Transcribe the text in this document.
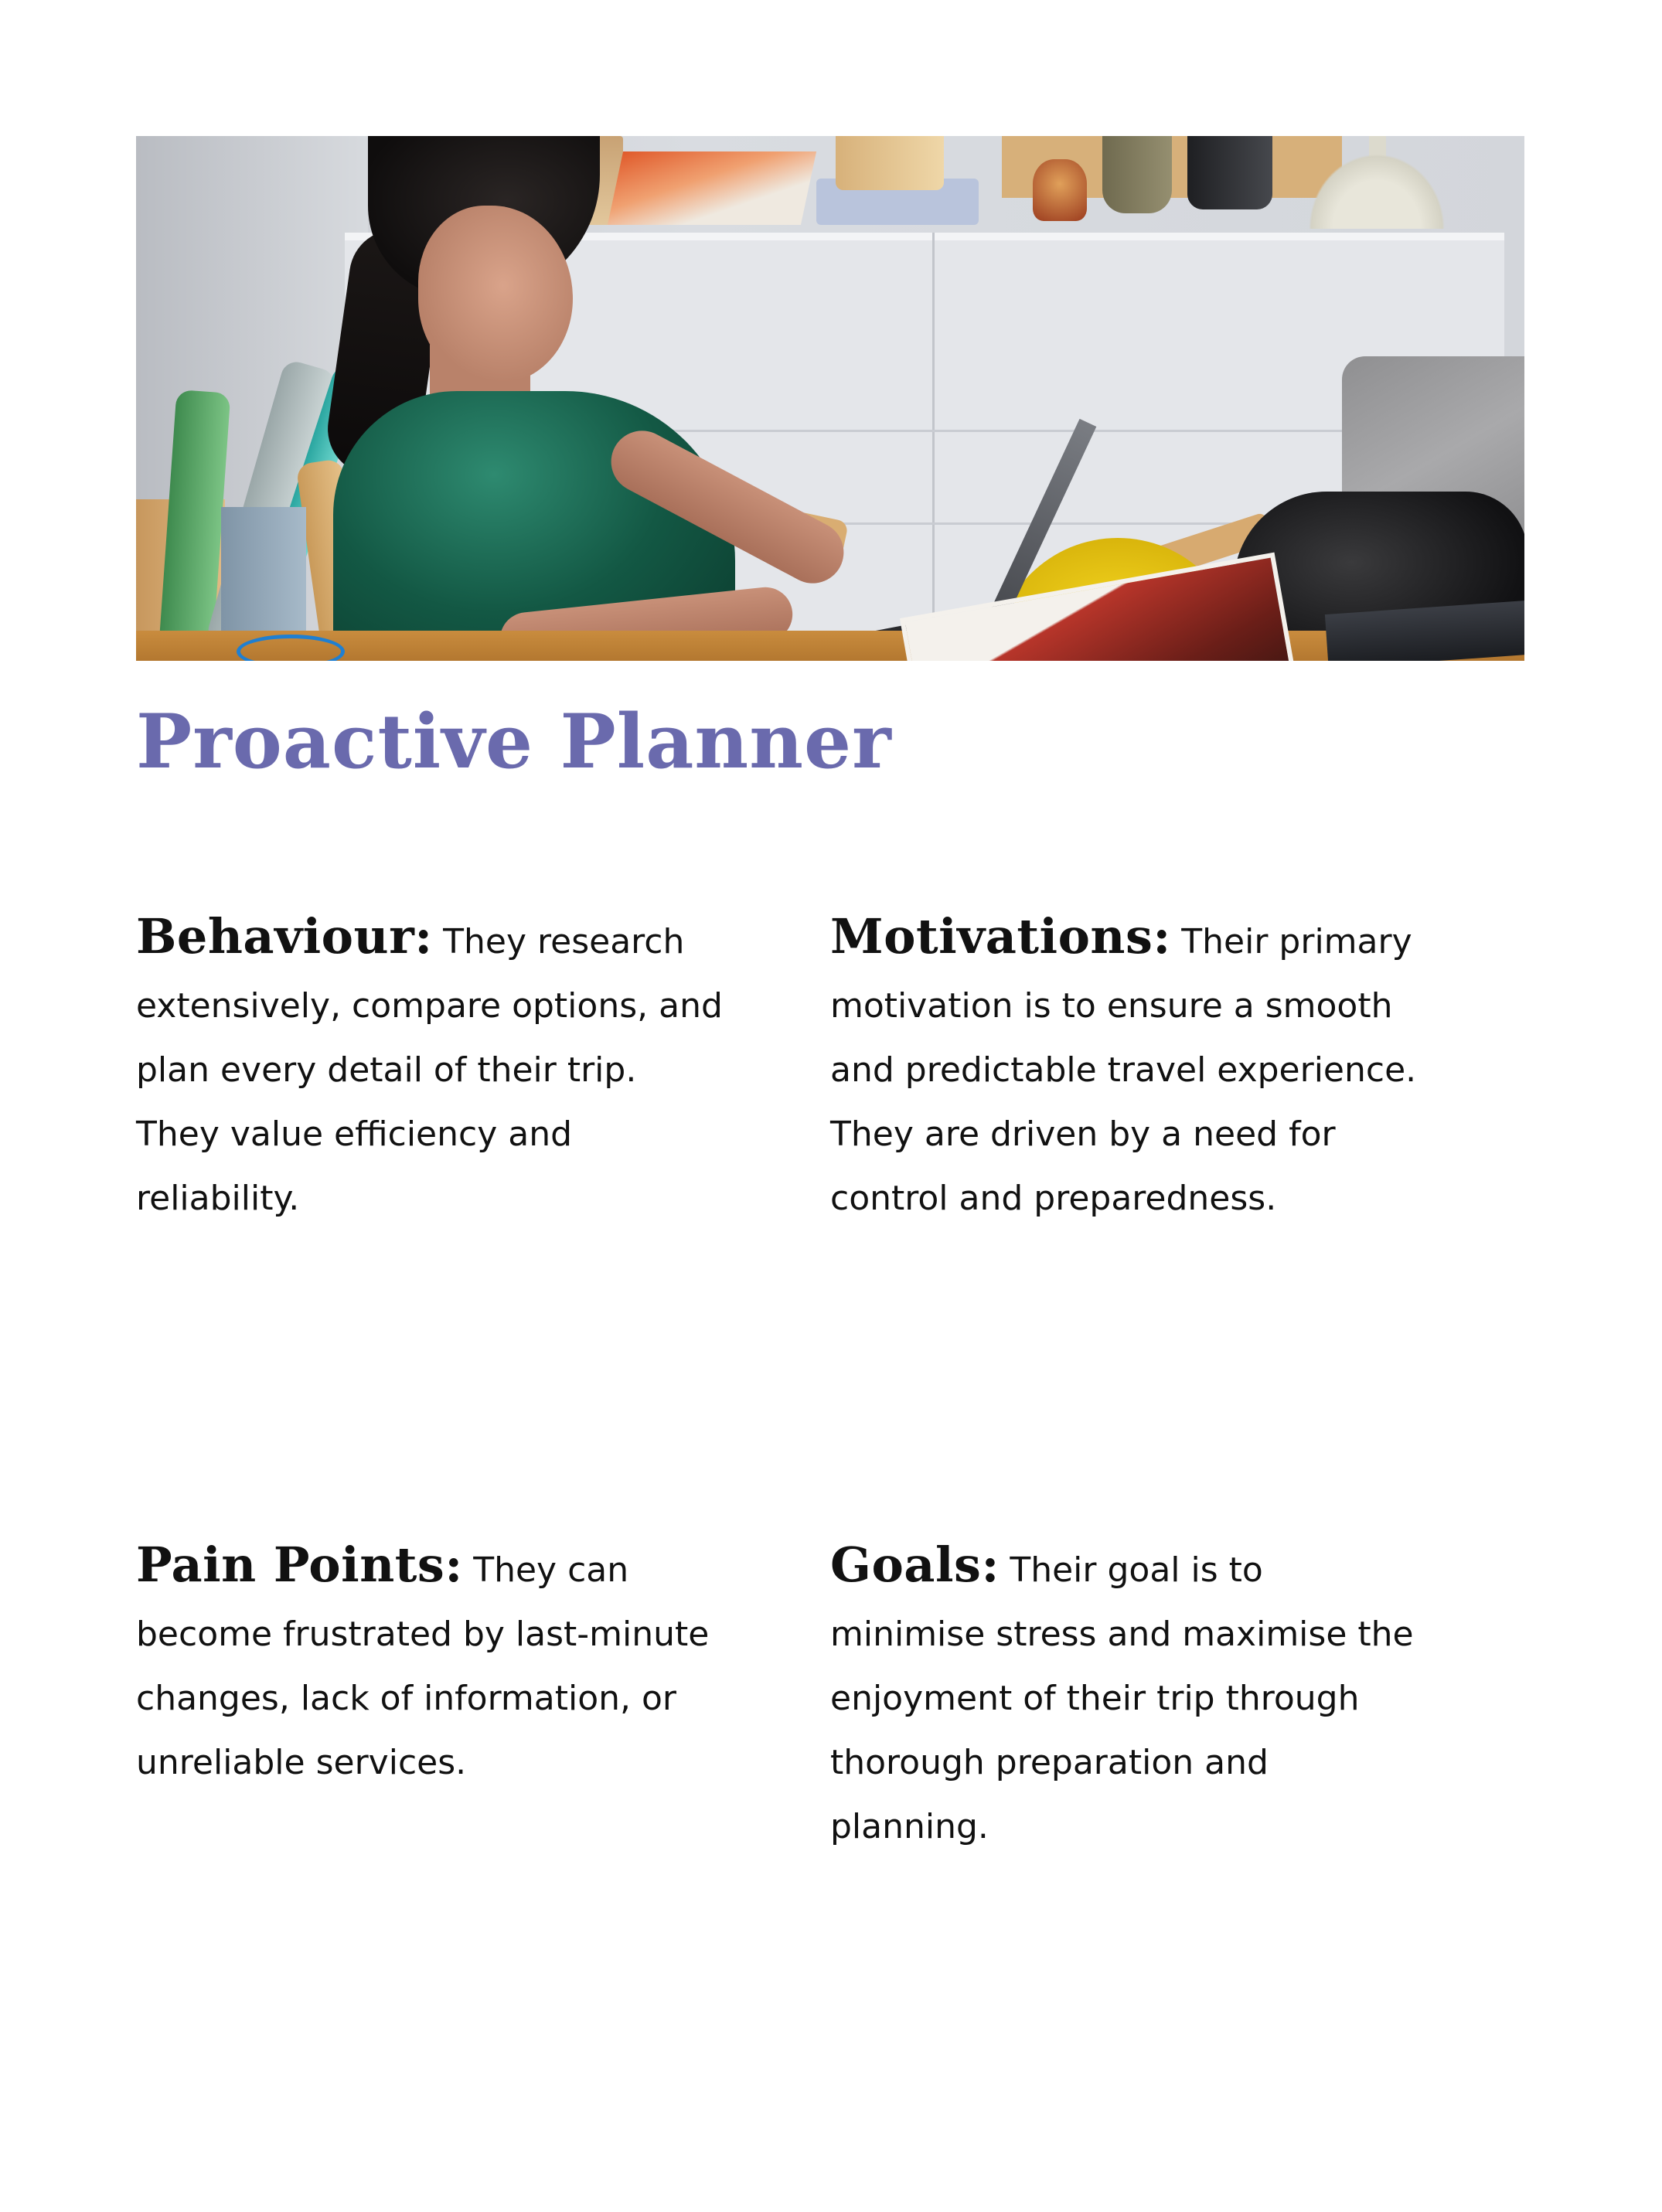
Proactive Planner
Behaviour: They research extensively, compare options, and plan every detail of their trip. They value efficiency and reliability.
Motivations: Their primary motivation is to ensure a smooth and predictable travel experience. They are driven by a need for control and preparedness.
Pain Points: They can become frustrated by last-minute changes, lack of information, or unreliable services.
Goals: Their goal is to minimise stress and maximise the enjoyment of their trip through thorough preparation and planning.
